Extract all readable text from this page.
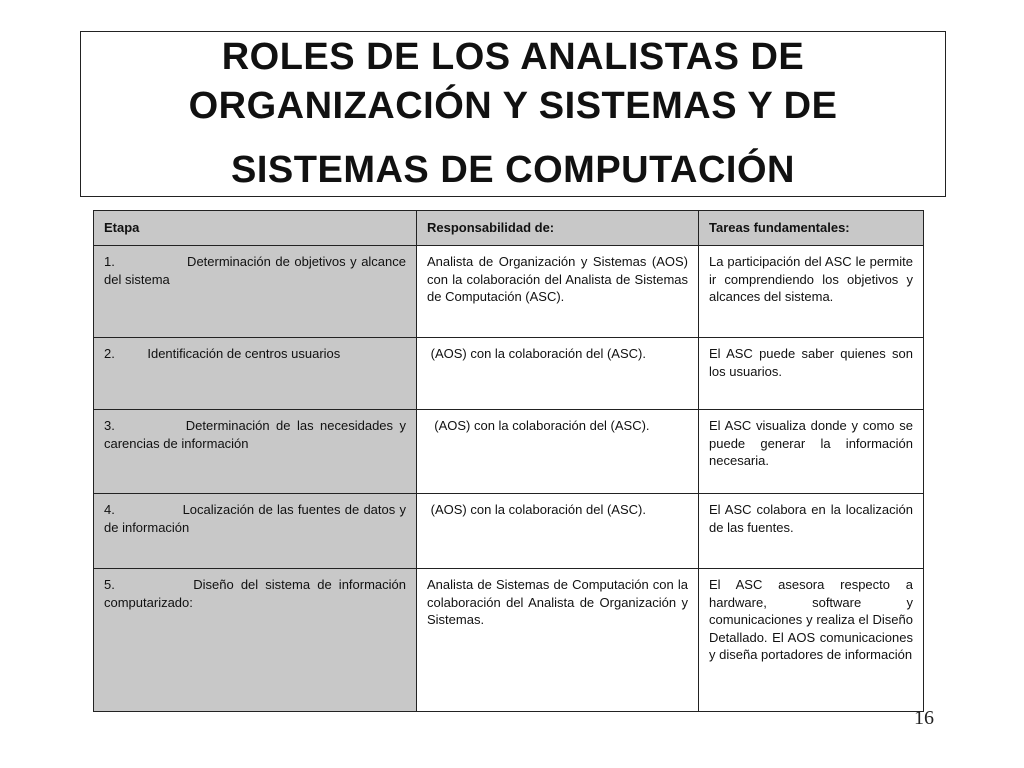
ROLES DE LOS ANALISTAS DE
ORGANIZACIÓN Y SISTEMAS Y DE
SISTEMAS DE COMPUTACIÓN
Etapa	Responsabilidad de:	Tareas fundamentales:
1.                Determinación de objetivos y alcance del sistema	Analista de Organización y Sistemas (AOS) con la colaboración del Analista de Sistemas de Computación (ASC).	La participación del ASC le permite ir comprendiendo los objetivos y alcances del sistema.
2.         Identificación de centros usuarios	(AOS) con la colaboración del (ASC).	El ASC puede saber quienes son los usuarios.
3.           Determinación de las necesidades y carencias de información	(AOS) con la colaboración del (ASC).	El ASC visualiza donde y como se puede generar la información necesaria.
4.                Localización de las fuentes de datos y de información	(AOS) con la colaboración del (ASC).	El ASC colabora en la localización de las fuentes.
5.           Diseño del sistema de información computarizado:	Analista de Sistemas de Computación con la colaboración del Analista de Organización y Sistemas.	El ASC asesora respecto a hardware, software y comunicaciones y realiza el Diseño Detallado. El AOS comunicaciones y diseña portadores de información
16
